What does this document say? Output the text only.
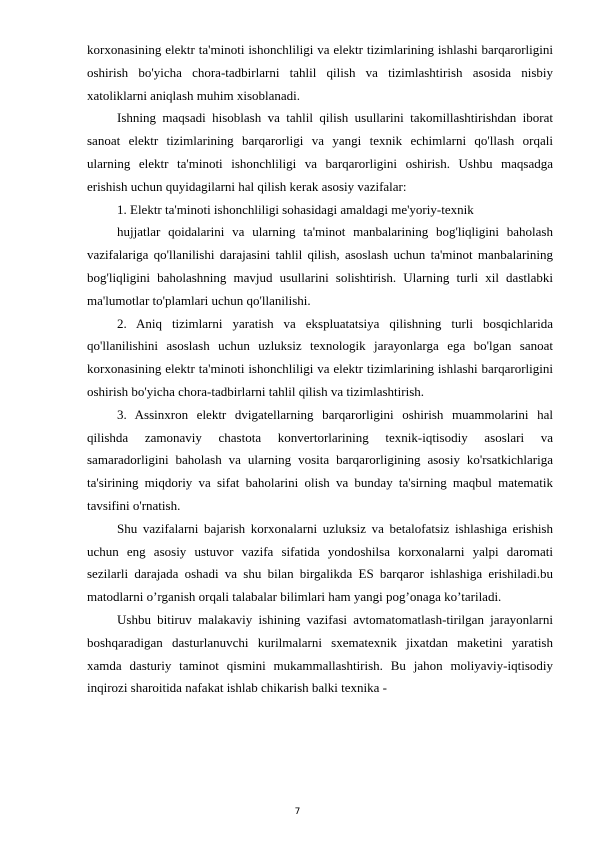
korxonasining elektr ta'minoti ishonchliligi va elektr tizimlarining ishlashi barqarorligini oshirish bo'yicha chora-tadbirlarni tahlil qilish va tizimlashtirish asosida nisbiy xatoliklarni aniqlash muhim xisoblanadi.

Ishning maqsadi hisoblash va tahlil qilish usullarini takomillashtirishdan iborat sanoat elektr tizimlarining barqarorligi va yangi texnik echimlarni qo'llash orqali ularning elektr ta'minoti ishonchliligi va barqarorligini oshirish. Ushbu maqsadga erishish uchun quyidagilarni hal qilish kerak asosiy vazifalar:

1. Elektr ta'minoti ishonchliligi sohasidagi amaldagi me'yoriy-texnik

hujjatlar qoidalarini va ularning ta'minot manbalarining bog'liqligini baholash vazifalariga qo'llanilishi darajasini tahlil qilish, asoslash uchun ta'minot manbalarining bog'liqligini baholashning mavjud usullarini solishtirish. Ularning turli xil dastlabki ma'lumotlar to'plamlari uchun qo'llanilishi.

2. Aniq tizimlarni yaratish va ekspluatatsiya qilishning turli bosqichlarida qo'llanilishini asoslash uchun uzluksiz texnologik jarayonlarga ega bo'lgan sanoat korxonasining elektr ta'minoti ishonchliligi va elektr tizimlarining ishlashi barqarorligini oshirish bo'yicha chora-tadbirlarni tahlil qilish va tizimlashtirish.

3. Assinxron elektr dvigatellarning barqarorligini oshirish muammolarini hal qilishda zamonaviy chastota konvertorlarining texnik-iqtisodiy asoslari va samaradorligini baholash va ularning vosita barqarorligining asosiy ko'rsatkichlariga ta'sirining miqdoriy va sifat baholarini olish va bunday ta'sirning maqbul matematik tavsifini o'rnatish.

Shu vazifalarni bajarish korxonalarni uzluksiz va betalofatsiz ishlashiga erishish uchun eng asosiy ustuvor vazifa sifatida yondoshilsa korxonalarni yalpi daromati sezilarli darajada oshadi va shu bilan birgalikda ES barqaror ishlashiga erishiladi.bu matodlarni o’rganish orqali talabalar bilimlari ham yangi pog’onaga ko’tariladi.

Ushbu bitiruv malakaviy ishining vazifasi avtomatomatlash-tirilgan jarayonlarni boshqaradigan dasturlanuvchi kurilmalarni sxematexnik jixatdan maketini yaratish xamda dasturiy taminot qismini mukammallashtirish. Bu jahon moliyaviy-iqtisodiy inqirozi sharoitida nafakat ishlab chikarish balki texnika -

7
